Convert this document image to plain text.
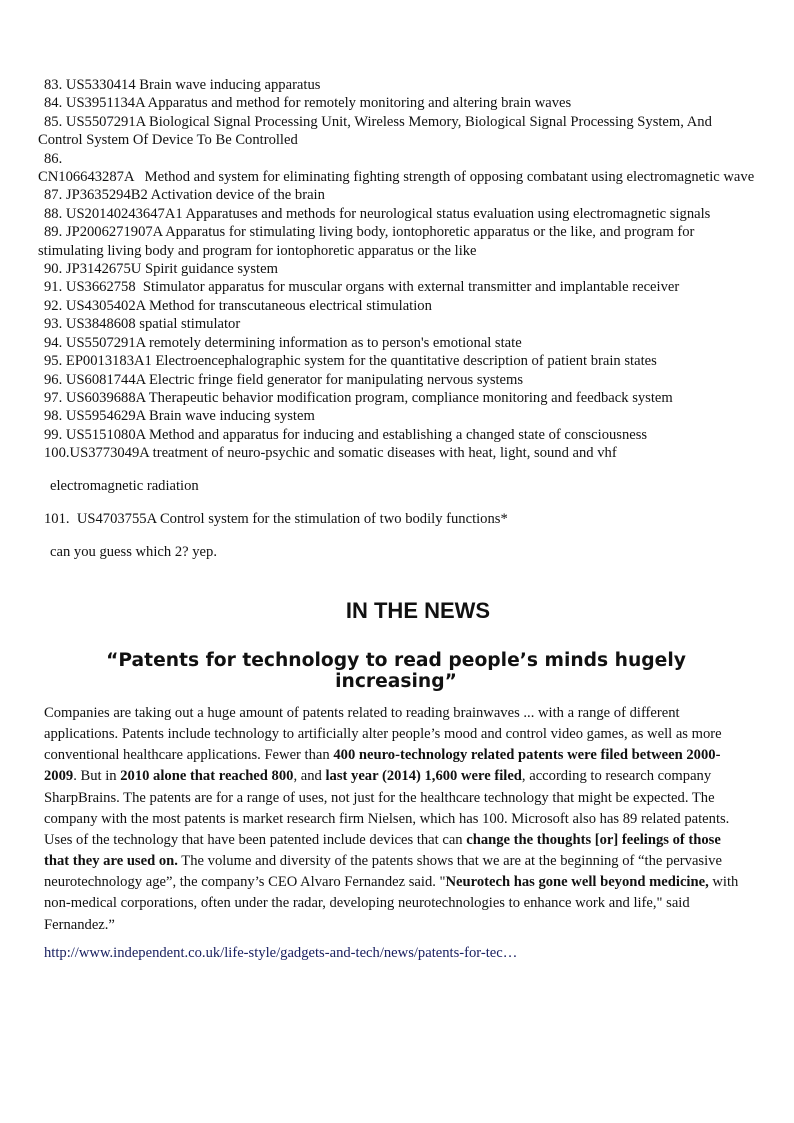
83. US5330414 Brain wave inducing apparatus

84. US3951134A Apparatus and method for remotely monitoring and altering brain waves

85. US5507291A Biological Signal Processing Unit, Wireless Memory, Biological Signal Processing System, And Control System Of Device To Be Controlled

86. CN106643287A   Method and system for eliminating fighting strength of opposing combatant using electromagnetic wave

87. JP3635294B2 Activation device of the brain

88. US20140243647A1 Apparatuses and methods for neurological status evaluation using electromagnetic signals

89. JP2006271907A Apparatus for stimulating living body, iontophoretic apparatus or the like, and program for stimulating living body and program for iontophoretic apparatus or the like

90. JP3142675U Spirit guidance system

91. US3662758  Stimulator apparatus for muscular organs with external transmitter and implantable receiver

92. US4305402A Method for transcutaneous electrical stimulation

93. US3848608 spatial stimulator

94. US5507291A remotely determining information as to person's emotional state

95. EP0013183A1 Electroencephalographic system for the quantitative description of patient brain states

96. US6081744A Electric fringe field generator for manipulating nervous systems

97. US6039688A Therapeutic behavior modification program, compliance monitoring and feedback system

98. US5954629A Brain wave inducing system

99. US5151080A Method and apparatus for inducing and establishing a changed state of consciousness

100.US3773049A treatment of neuro-psychic and somatic diseases with heat, light, sound and vhf

electromagnetic radiation

101.  US4703755A Control system for the stimulation of two bodily functions*

can you guess which 2? yep.

IN THE NEWS
“Patents for technology to read people’s minds hugely increasing”

Companies are taking out a huge amount of patents related to reading brainwaves ... with a range of different applications. Patents include technology to artificially alter people’s mood and control video games, as well as more conventional healthcare applications. Fewer than 400 neuro-technology related patents were filed between 2000-2009. But in 2010 alone that reached 800, and last year (2014) 1,600 were filed, according to research company SharpBrains. The patents are for a range of uses, not just for the healthcare technology that might be expected. The company with the most patents is market research firm Nielsen, which has 100. Microsoft also has 89 related patents. Uses of the technology that have been patented include devices that can change the thoughts [or] feelings of those that they are used on. The volume and diversity of the patents shows that we are at the beginning of “the pervasive neurotechnology age”, the company’s CEO Alvaro Fernandez said. "Neurotech has gone well beyond medicine, with non-medical corporations, often under the radar, developing neurotechnologies to enhance work and life," said Fernandez.”

http://www.independent.co.uk/life-style/gadgets-and-tech/news/patents-for-tec…
